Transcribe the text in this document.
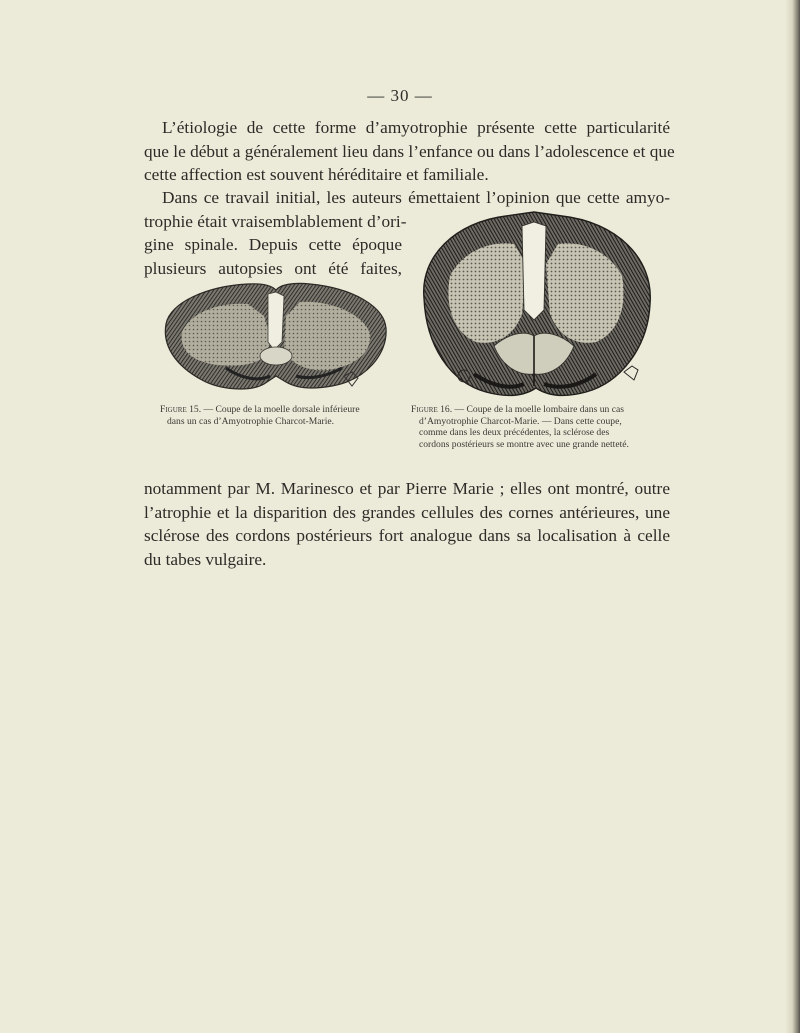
— 30 —
L’étiologie de cette forme d’amyotrophie présente cette particularité
que le début a généralement lieu dans l’enfance ou dans l’adolescence et que
cette affection est souvent héréditaire et familiale.
Dans ce travail initial, les auteurs émettaient l’opinion que cette amyo-
trophie était vraisemblablement d’ori-
gine spinale. Depuis cette époque
plusieurs autopsies ont été faites,
Figure 15. — Coupe de la moelle dorsale inférieure
dans un cas d’Amyotrophie Charcot-Marie.
Figure 16. — Coupe de la moelle lombaire dans un cas
d’Amyotrophie Charcot-Marie. — Dans cette coupe,
comme dans les deux précédentes, la sclérose des
cordons postérieurs se montre avec une grande netteté.
notamment par M. Marinesco et par Pierre Marie ; elles ont montré, outre
l’atrophie et la disparition des grandes cellules des cornes antérieures, une
sclérose des cordons postérieurs fort analogue dans sa localisation à celle
du tabes vulgaire.
